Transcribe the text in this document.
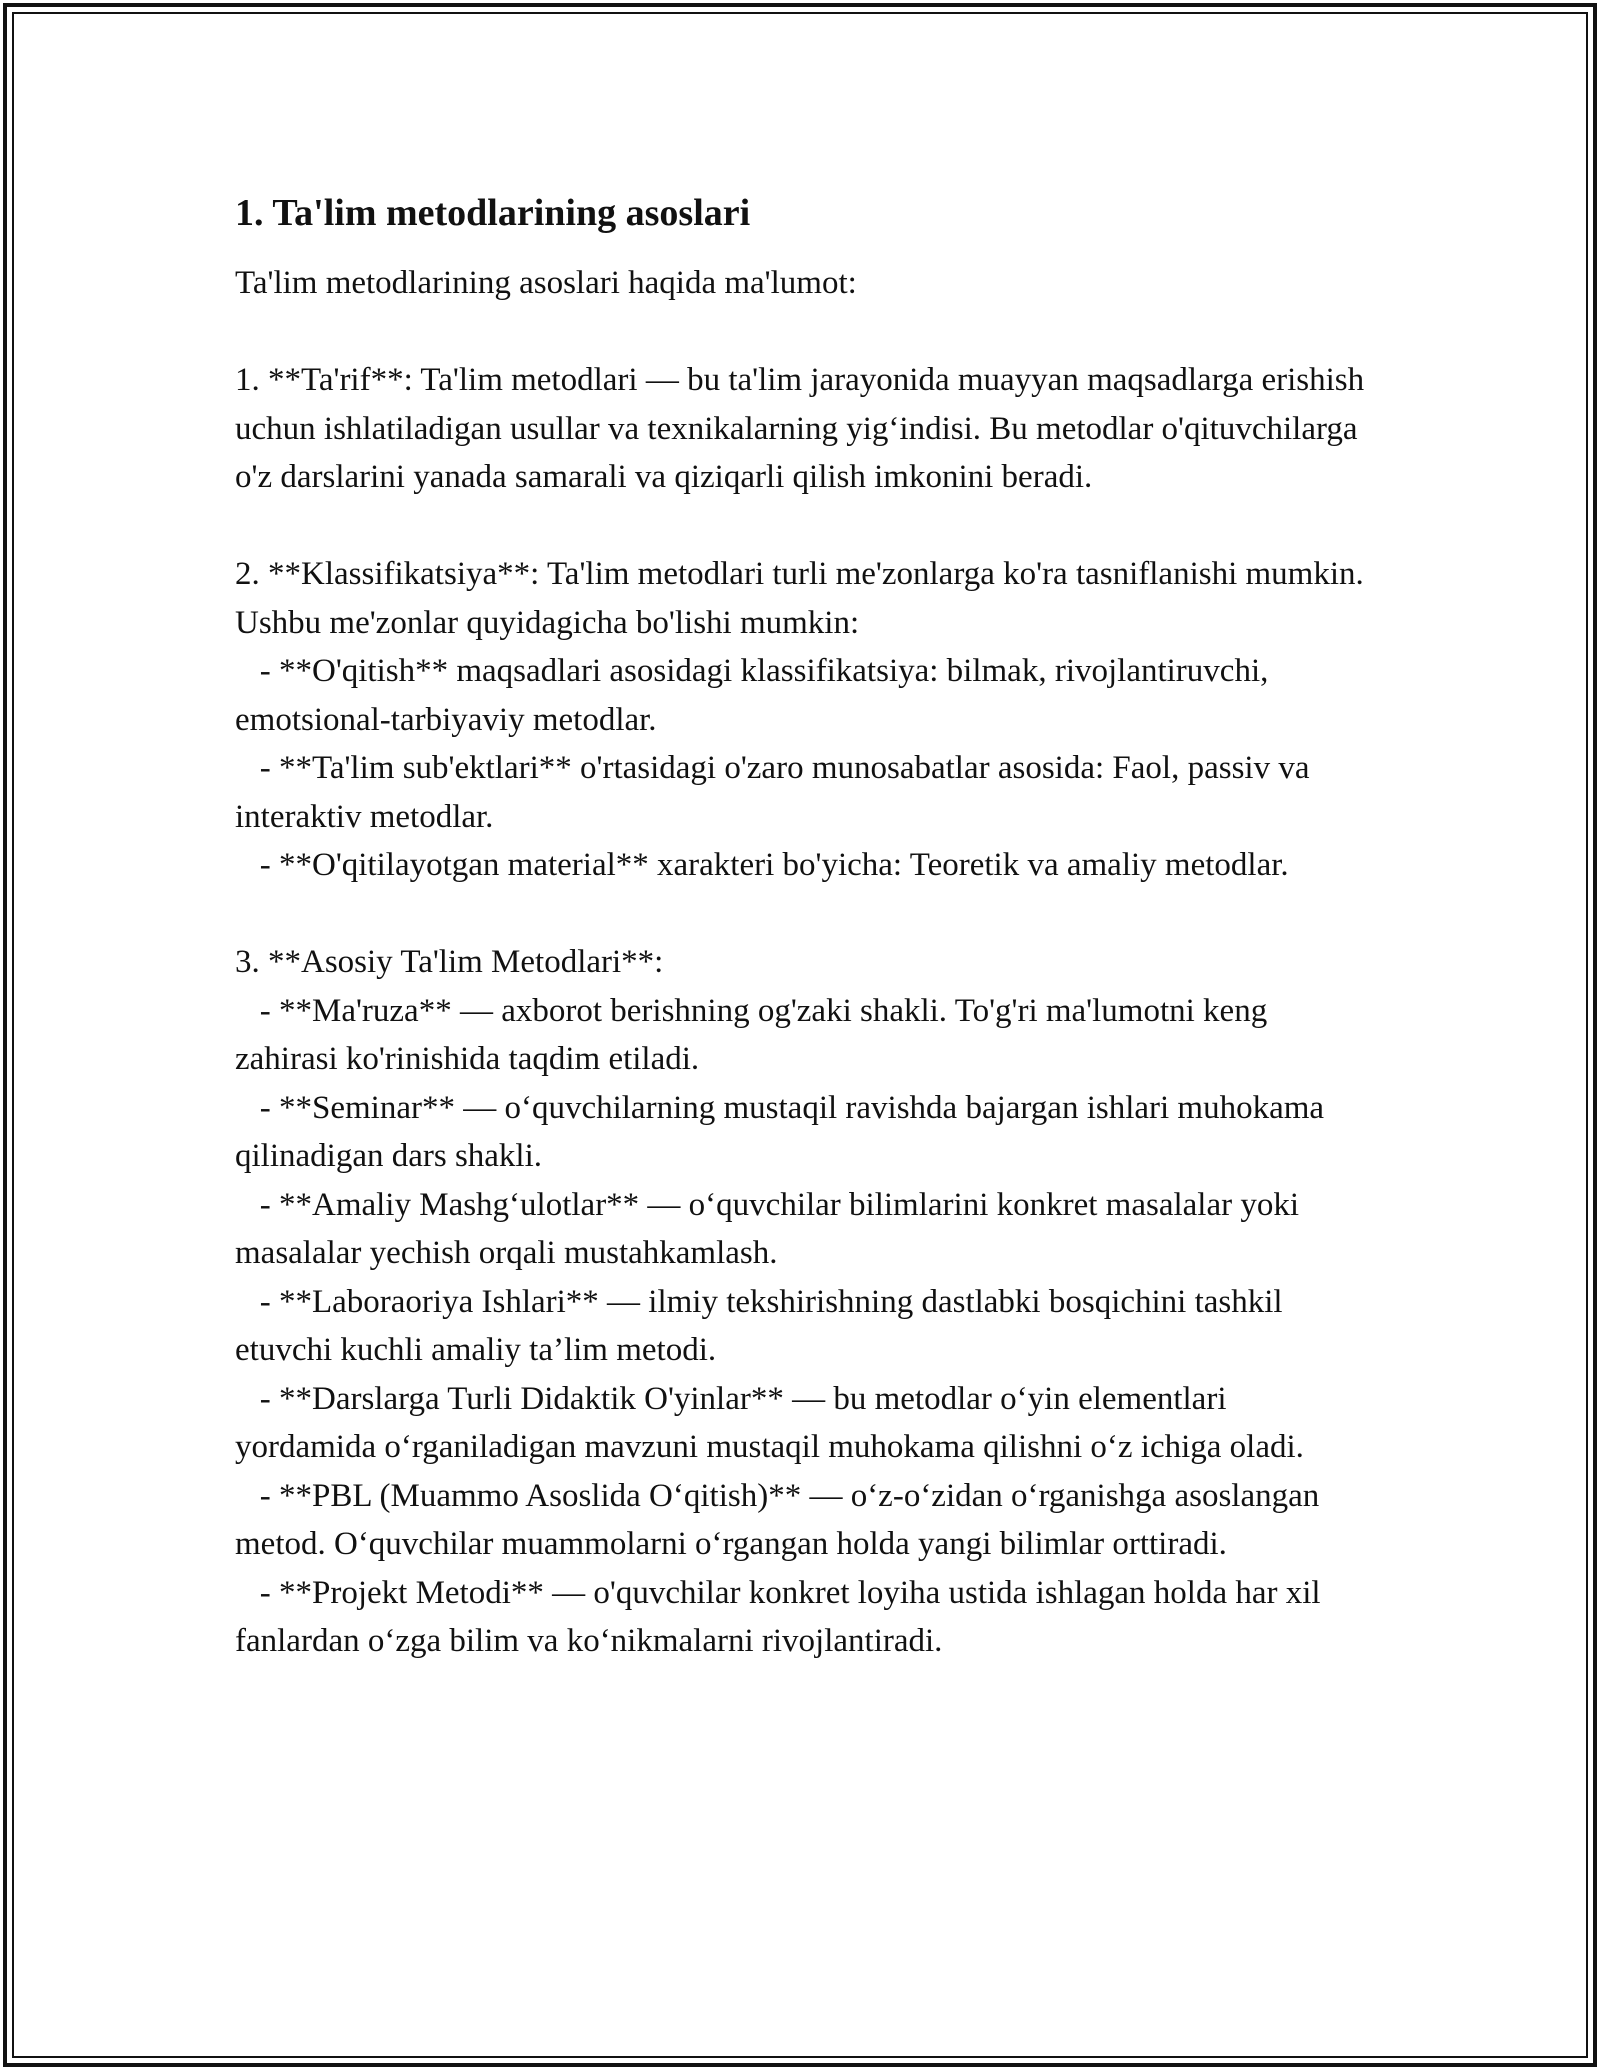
1. Ta'lim metodlarining asoslari

Ta'lim metodlarining asoslari haqida ma'lumot:

1. **Ta'rif**: Ta'lim metodlari — bu ta'lim jarayonida muayyan maqsadlarga erishish uchun ishlatiladigan usullar va texnikalarning yig‘indisi. Bu metodlar o'qituvchilarga o'z darslarini yanada samarali va qiziqarli qilish imkonini beradi.

2. **Klassifikatsiya**: Ta'lim metodlari turli me'zonlarga ko'ra tasniflanishi mumkin. Ushbu me'zonlar quyidagicha bo'lishi mumkin:
- **O'qitish** maqsadlari asosidagi klassifikatsiya: bilmak, rivojlantiruvchi, emotsional-tarbiyaviy metodlar.
- **Ta'lim sub'ektlari** o'rtasidagi o'zaro munosabatlar asosida: Faol, passiv va interaktiv metodlar.
- **O'qitilayotgan material** xarakteri bo'yicha: Teoretik va amaliy metodlar.

3. **Asosiy Ta'lim Metodlari**:
- **Ma'ruza** — axborot berishning og'zaki shakli. To'g'ri ma'lumotni keng zahirasi ko'rinishida taqdim etiladi.
- **Seminar** — o‘quvchilarning mustaqil ravishda bajargan ishlari muhokama qilinadigan dars shakli.
- **Amaliy Mashg‘ulotlar** — o‘quvchilar bilimlarini konkret masalalar yoki masalalar yechish orqali mustahkamlash.
- **Laboraoriya Ishlari** — ilmiy tekshirishning dastlabki bosqichini tashkil etuvchi kuchli amaliy ta’lim metodi.
- **Darslarga Turli Didaktik O'yinlar** — bu metodlar o‘yin elementlari yordamida o‘rganiladigan mavzuni mustaqil muhokama qilishni o‘z ichiga oladi.
- **PBL (Muammo Asoslida O‘qitish)** — o‘z-o‘zidan o‘rganishga asoslangan metod. O‘quvchilar muammolarni o‘rgangan holda yangi bilimlar orttiradi.
- **Projekt Metodi** — o'quvchilar konkret loyiha ustida ishlagan holda har xil fanlardan o‘zga bilim va ko‘nikmalarni rivojlantiradi.
